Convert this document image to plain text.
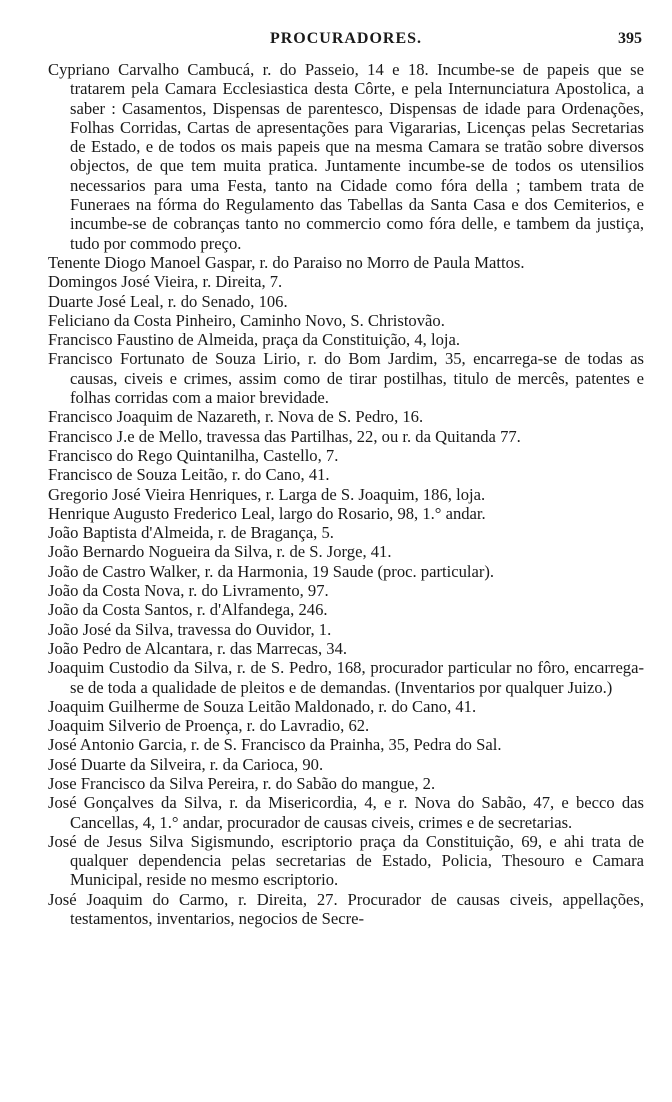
PROCURADORES.	395

Cypriano Carvalho Cambucá, r. do Passeio, 14 e 18. Incumbe-se de papeis que se tratarem pela Camara Ecclesiastica desta Côrte, e pela Internunciatura Apostolica, a saber : Casamentos, Dispensas de parentesco, Dispensas de idade para Ordenações, Folhas Corridas, Cartas de apresentações para Vigararias, Licenças pelas Secretarias de Estado, e de todos os mais papeis que na mesma Camara se tratão sobre diversos objectos, de que tem muita pratica. Juntamente incumbe-se de todos os utensilios necessarios para uma Festa, tanto na Cidade como fóra della ; tambem trata de Funeraes na fórma do Regulamento das Tabellas da Santa Casa e dos Cemiterios, e incumbe-se de cobranças tanto no commercio como fóra delle, e tambem da justiça, tudo por commodo preço.

Tenente Diogo Manoel Gaspar, r. do Paraiso no Morro de Paula Mattos.

Domingos José Vieira, r. Direita, 7.

Duarte José Leal, r. do Senado, 106.

Feliciano da Costa Pinheiro, Caminho Novo, S. Christovão.

Francisco Faustino de Almeida, praça da Constituição, 4, loja.

Francisco Fortunato de Souza Lirio, r. do Bom Jardim, 35, encarrega-se de todas as causas, civeis e crimes, assim como de tirar postilhas, titulo de mercês, patentes e folhas corridas com a maior brevidade.

Francisco Joaquim de Nazareth, r. Nova de S. Pedro, 16.

Francisco J.e de Mello, travessa das Partilhas, 22, ou r. da Quitanda 77.

Francisco do Rego Quintanilha, Castello, 7.

Francisco de Souza Leitão, r. do Cano, 41.

Gregorio José Vieira Henriques, r. Larga de S. Joaquim, 186, loja.

Henrique Augusto Frederico Leal, largo do Rosario, 98, 1.° andar.

João Baptista d'Almeida, r. de Bragança, 5.

João Bernardo Nogueira da Silva, r. de S. Jorge, 41.

João de Castro Walker, r. da Harmonia, 19 Saude (proc. particular).

João da Costa Nova, r. do Livramento, 97.

João da Costa Santos, r. d'Alfandega, 246.

João José da Silva, travessa do Ouvidor, 1.

João Pedro de Alcantara, r. das Marrecas, 34.

Joaquim Custodio da Silva, r. de S. Pedro, 168, procurador particular no fôro, encarrega-se de toda a qualidade de pleitos e de demandas. (Inventarios por qualquer Juizo.)

Joaquim Guilherme de Souza Leitão Maldonado, r. do Cano, 41.

Joaquim Silverio de Proença, r. do Lavradio, 62.

José Antonio Garcia, r. de S. Francisco da Prainha, 35, Pedra do Sal.

José Duarte da Silveira, r. da Carioca, 90.

Jose Francisco da Silva Pereira, r. do Sabão do mangue, 2.

José Gonçalves da Silva, r. da Misericordia, 4, e r. Nova do Sabão, 47, e becco das Cancellas, 4, 1.° andar, procurador de causas civeis, crimes e de secretarias.

José de Jesus Silva Sigismundo, escriptorio praça da Constituição, 69, e ahi trata de qualquer dependencia pelas secretarias de Estado, Policia, Thesouro e Camara Municipal, reside no mesmo escriptorio.

José Joaquim do Carmo, r. Direita, 27. Procurador de causas civeis, appellações, testamentos, inventarios, negocios de Secre-
